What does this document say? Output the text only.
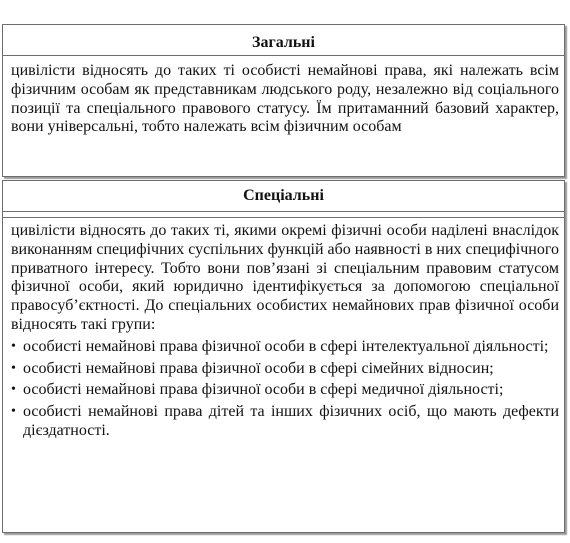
Загальні

цивілісти відносять до таких ті особисті немайнові права, які належать всім фізичним особам як представникам людського роду, незалежно від соціального позиції та спеціального правового статусу. Їм притаманний базовий характер, вони універсальні, тобто належать всім фізичним особам

Спеціальні

цивілісти відносять до таких ті, якими окремі фізичні особи наділені внаслідок виконанням специфічних суспільних функцій або наявності в них специфічного приватного інтересу. Тобто вони пов’язані зі спеціальним правовим статусом фізичної особи, який юридично ідентифікується за допомогою спеціальної правосуб’єктності. До спеціальних особистих немайнових прав фізичної особи відносять такі групи:

• особисті немайнові права фізичної особи в сфері інтелектуальної діяльності;
• особисті немайнові права фізичної особи в сфері сімейних відносин;
• особисті немайнові права фізичної особи в сфері медичної діяльності;
• особисті немайнові права дітей та інших фізичних осіб, що мають дефекти дієздатності.
